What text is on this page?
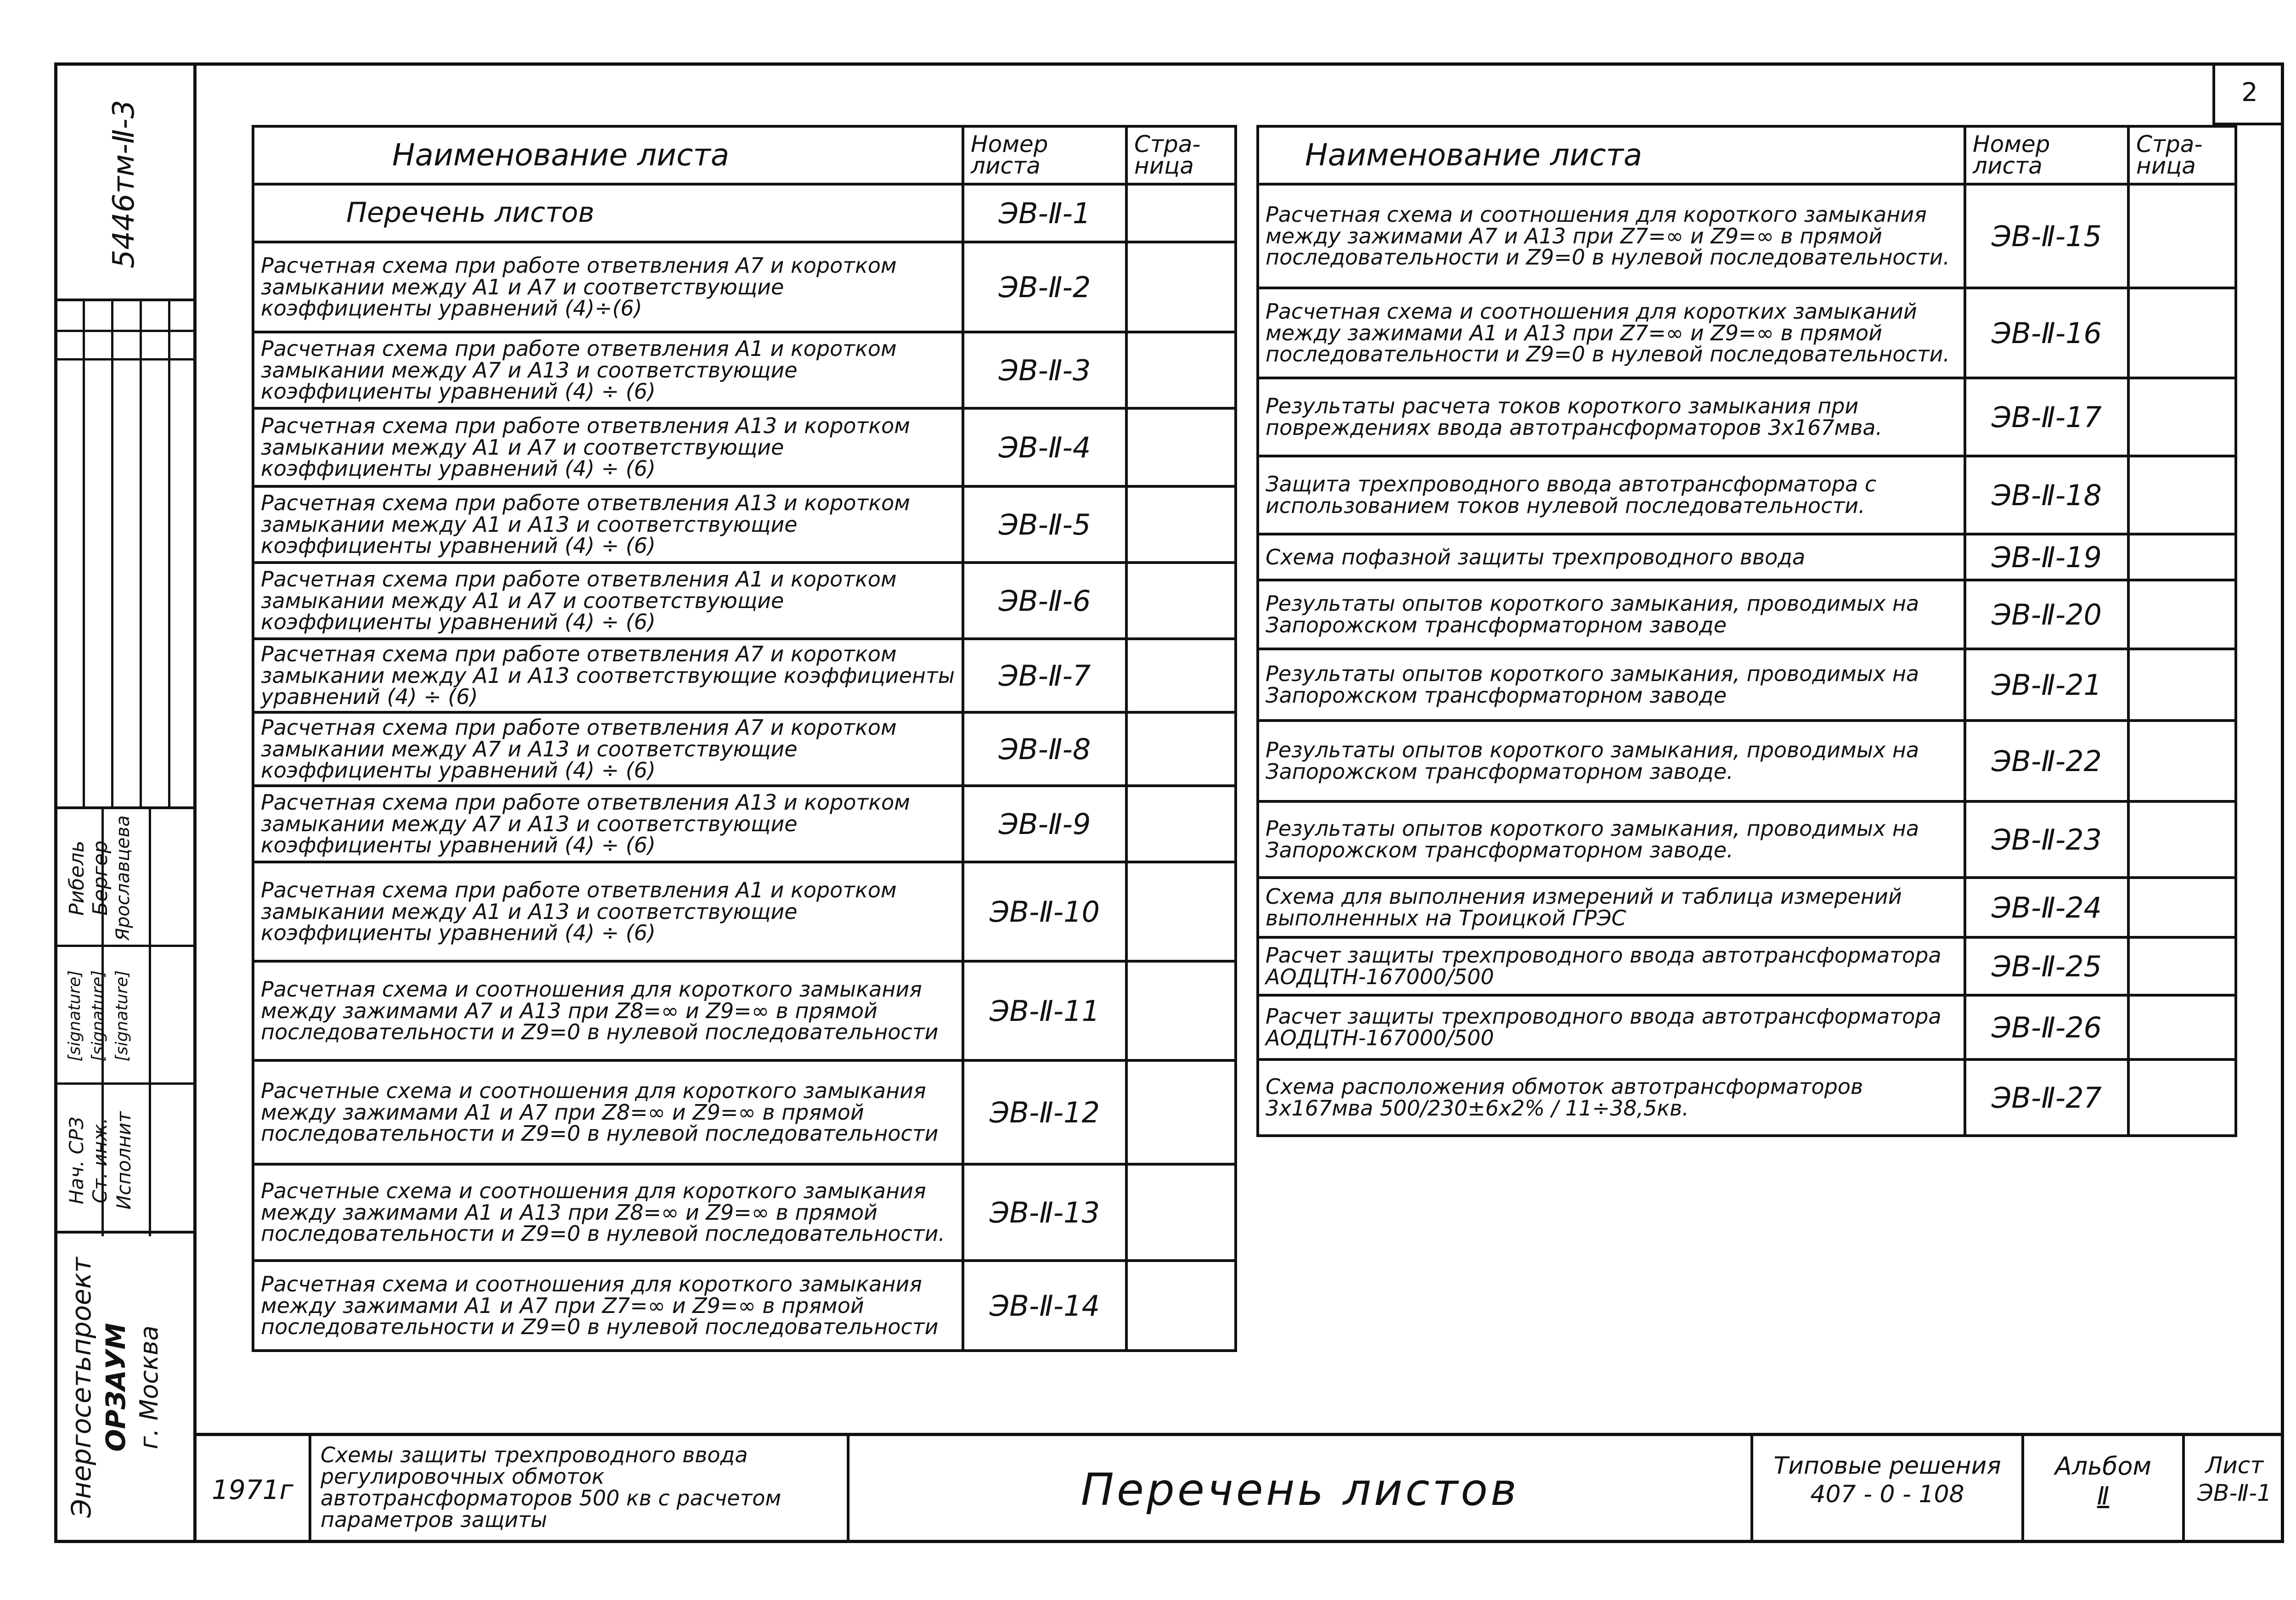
2
5446тм-Ⅱ-3
Рибель Бергер Ярославцева
[signature] [signature] [signature]
Нач. СРЗ Ст. инж. Исполнит
Энергосетьпроект ОРЗАУМ г. Москва
Наименование листа	Номер листа	Стра- ница
Перечень листов	ЭВ-Ⅱ-1	
Расчетная схема при работе ответвления А7 и коротком замыкании между А1 и А7 и соответствующие коэффициенты уравнений (4)÷(6)	ЭВ-Ⅱ-2	
Расчетная схема при работе ответвления А1 и коротком замыкании между А7 и А13 и соответствующие коэффициенты уравнений (4) ÷ (6)	ЭВ-Ⅱ-3	
Расчетная схема при работе ответвления А13 и коротком замыкании между А1 и А7 и соответствующие коэффициенты уравнений (4) ÷ (6)	ЭВ-Ⅱ-4	
Расчетная схема при работе ответвления А13 и коротком замыкании между А1 и А13 и соответствующие коэффициенты уравнений (4) ÷ (6)	ЭВ-Ⅱ-5	
Расчетная схема при работе ответвления А1 и коротком замыкании между А1 и А7 и соответствующие коэффициенты уравнений (4) ÷ (6)	ЭВ-Ⅱ-6	
Расчетная схема при работе ответвления А7 и коротком замыкании между А1 и А13 соответствующие коэффициенты уравнений (4) ÷ (6)	ЭВ-Ⅱ-7	
Расчетная схема при работе ответвления А7 и коротком замыкании между А7 и А13 и соответствующие коэффициенты уравнений (4) ÷ (6)	ЭВ-Ⅱ-8	
Расчетная схема при работе ответвления А13 и коротком замыкании между А7 и А13 и соответствующие коэффициенты уравнений (4) ÷ (6)	ЭВ-Ⅱ-9	
Расчетная схема при работе ответвления А1 и коротком замыкании между А1 и А13 и соответствующие коэффициенты уравнений (4) ÷ (6)	ЭВ-Ⅱ-10	
Расчетная схема и соотношения для короткого замыкания между зажимами А7 и А13 при Z8=∞ и Z9=∞ в прямой последовательности и Z9=0 в нулевой последовательности	ЭВ-Ⅱ-11	
Расчетные схема и соотношения для короткого замыкания между зажимами А1 и А7 при Z8=∞ и Z9=∞ в прямой последовательности и Z9=0 в нулевой последовательности	ЭВ-Ⅱ-12	
Расчетные схема и соотношения для короткого замыкания между зажимами А1 и А13 при Z8=∞ и Z9=∞ в прямой последовательности и Z9=0 в нулевой последовательности.	ЭВ-Ⅱ-13	
Расчетная схема и соотношения для короткого замыкания между зажимами А1 и А7 при Z7=∞ и Z9=∞ в прямой последовательности и Z9=0 в нулевой последовательности	ЭВ-Ⅱ-14	
Наименование листа	Номер листа	Стра- ница
Расчетная схема и соотношения для короткого замыкания между зажимами А7 и А13 при Z7=∞ и Z9=∞ в прямой последовательности и Z9=0 в нулевой последовательности.	ЭВ-Ⅱ-15	
Расчетная схема и соотношения для коротких замыканий между зажимами А1 и А13 при Z7=∞ и Z9=∞ в прямой последовательности и Z9=0 в нулевой последовательности.	ЭВ-Ⅱ-16	
Результаты расчета токов короткого замыкания при повреждениях ввода автотрансформаторов 3х167мва.	ЭВ-Ⅱ-17	
Защита трехпроводного ввода автотрансформатора с использованием токов нулевой последовательности.	ЭВ-Ⅱ-18	
Схема пофазной защиты трехпроводного ввода	ЭВ-Ⅱ-19	
Результаты опытов короткого замыкания, проводимых на Запорожском трансформаторном заводе	ЭВ-Ⅱ-20	
Результаты опытов короткого замыкания, проводимых на Запорожском трансформаторном заводе	ЭВ-Ⅱ-21	
Результаты опытов короткого замыкания, проводимых на Запорожском трансформаторном заводе.	ЭВ-Ⅱ-22	
Результаты опытов короткого замыкания, проводимых на Запорожском трансформаторном заводе.	ЭВ-Ⅱ-23	
Схема для выполнения измерений и таблица измерений выполненных на Троицкой ГРЭС	ЭВ-Ⅱ-24	
Расчет защиты трехпроводного ввода автотрансформатора АОДЦТН-167000/500	ЭВ-Ⅱ-25	
Расчет защиты трехпроводного ввода автотрансформатора АОДЦТН-167000/500	ЭВ-Ⅱ-26	
Схема расположения обмоток автотрансформаторов 3х167мва 500/230±6х2% / 11÷38,5кв.	ЭВ-Ⅱ-27	
1971г
Схемы защиты трехпроводного ввода регулировочных обмоток автотрансформаторов 500 кв с расчетом параметров защиты
Перечень листов	Типовые решения
407 - 0 - 108
Альбом
Ⅱ
Лист
ЭВ-Ⅱ-1
